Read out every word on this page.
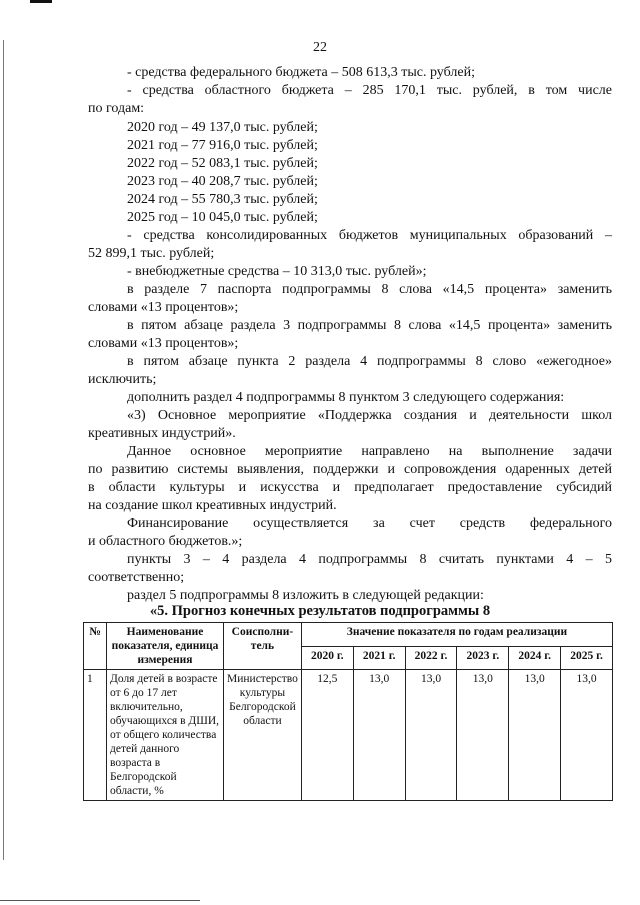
22
- средства федерального бюджета – 508 613,3 тыс. рублей;
- средства областного бюджета – 285 170,1 тыс. рублей, в том числе
по годам:
2020 год – 49 137,0 тыс. рублей;
2021 год – 77 916,0 тыс. рублей;
2022 год – 52 083,1 тыс. рублей;
2023 год – 40 208,7 тыс. рублей;
2024 год – 55 780,3 тыс. рублей;
2025 год – 10 045,0 тыс. рублей;
- средства консолидированных бюджетов муниципальных образований –
52 899,1 тыс. рублей;
- внебюджетные средства – 10 313,0 тыс. рублей»;
в разделе 7 паспорта подпрограммы 8 слова «14,5 процента» заменить
словами «13 процентов»;
в пятом абзаце раздела 3 подпрограммы 8 слова «14,5 процента» заменить
словами «13 процентов»;
в пятом абзаце пункта 2 раздела 4 подпрограммы 8 слово «ежегодное»
исключить;
дополнить раздел 4 подпрограммы 8 пунктом 3 следующего содержания:
«3) Основное мероприятие «Поддержка создания и деятельности школ
креативных индустрий».
Данное основное мероприятие направлено на выполнение задачи
по развитию системы выявления, поддержки и сопровождения одаренных детей
в области культуры и искусства и предполагает предоставление субсидий
на создание школ креативных индустрий.
Финансирование осуществляется за счет средств федерального
и областного бюджетов.»;
пункты 3 – 4 раздела 4 подпрограммы 8 считать пунктами 4 – 5
соответственно;
раздел 5 подпрограммы 8 изложить в следующей редакции:
«5. Прогноз конечных результатов подпрограммы 8
№	Наименование показателя, единица измерения	Соисполни-тель	Значение показателя по годам реализации					
			2020 г.	2021 г.	2022 г.	2023 г.	2024 г.	2025 г.
1	Доля детей в возрасте от 6 до 17 лет включительно, обучающихся в ДШИ, от общего количества детей данного возраста в Белгородской области, %	Министерство культуры Белгородской области	12,5	13,0	13,0	13,0	13,0	13,0
